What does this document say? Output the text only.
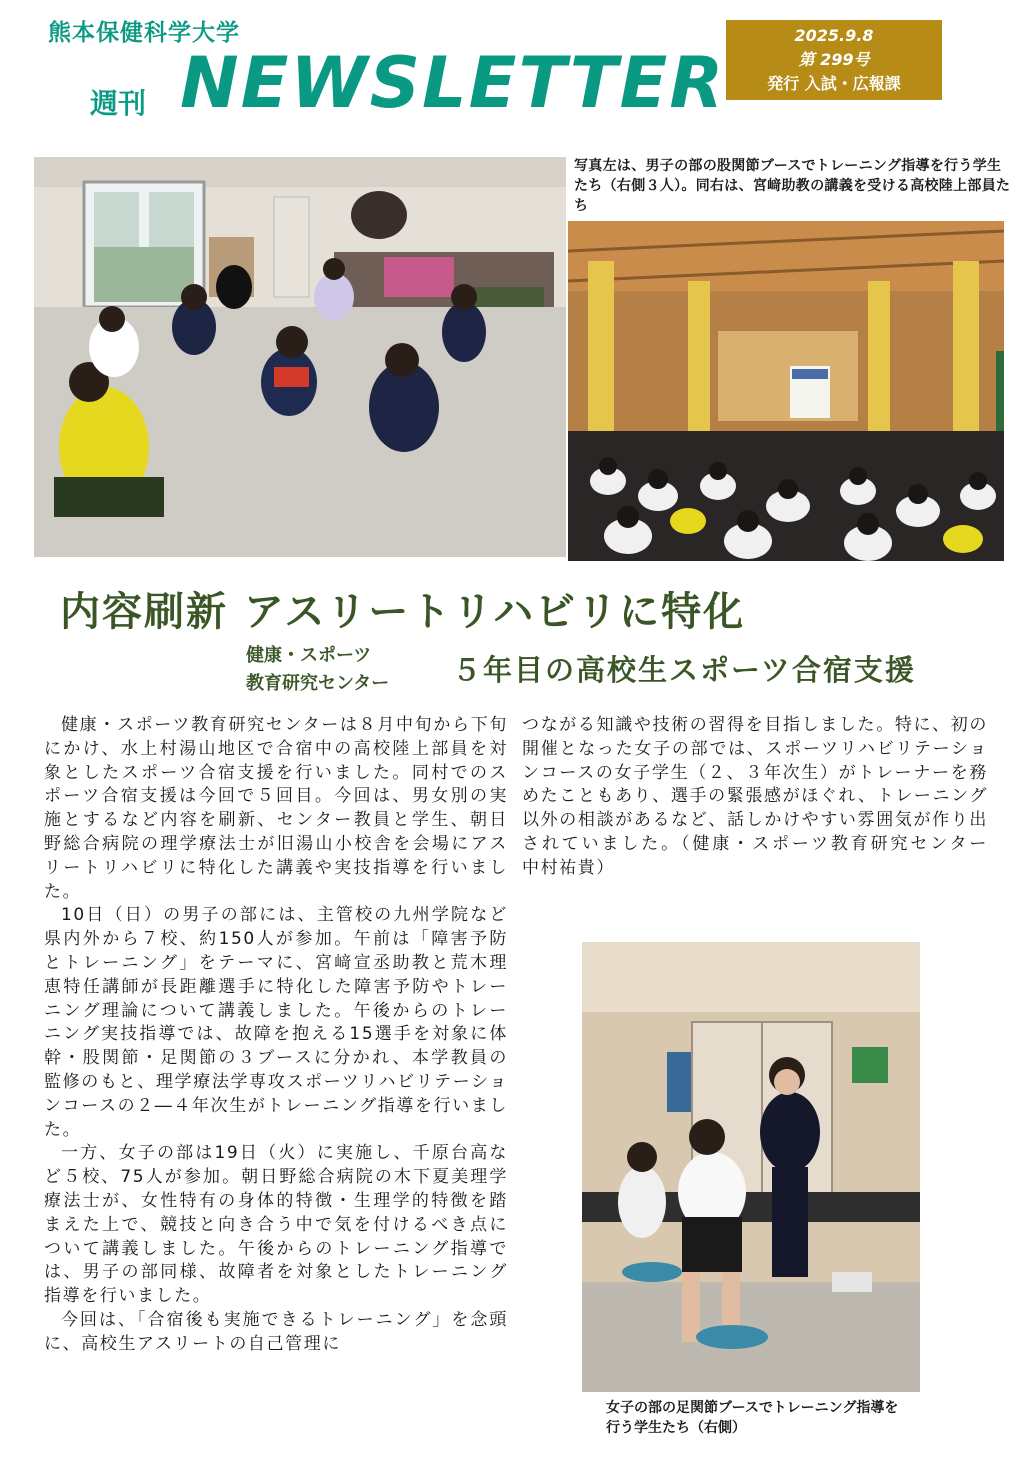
熊本保健科学大学
週刊 NEWSLETTER
2025.9.8
第 299号
発行 入試・広報課
写真左は、男子の部の股関節ブースでトレーニング指導を行う学生たち（右側３人）。同右は、宮﨑助教の講義を受ける高校陸上部員たち
内容刷新 アスリートリハビリに特化
健康・スポーツ
教育研究センター ５年目の高校生スポーツ合宿支援

健康・スポーツ教育研究センターは８月中旬から下旬にかけ、水上村湯山地区で合宿中の高校陸上部員を対象としたスポーツ合宿支援を行いました。同村でのスポーツ合宿支援は今回で５回目。今回は、男女別の実施とするなど内容を刷新、センター教員と学生、朝日野総合病院の理学療法士が旧湯山小校舎を会場にアスリートリハビリに特化した講義や実技指導を行いました。

10日（日）の男子の部には、主管校の九州学院など県内外から７校、約150人が参加。午前は「障害予防とトレーニング」をテーマに、宮﨑宣丞助教と荒木理恵特任講師が長距離選手に特化した障害予防やトレーニング理論について講義しました。午後からのトレーニング実技指導では、故障を抱える15選手を対象に体幹・股関節・足関節の３ブースに分かれ、本学教員の監修のもと、理学療法学専攻スポーツリハビリテーションコースの２―４年次生がトレーニング指導を行いました。

一方、女子の部は19日（火）に実施し、千原台高など５校、75人が参加。朝日野総合病院の木下夏美理学療法士が、女性特有の身体的特徴・生理学的特徴を踏まえた上で、競技と向き合う中で気を付けるべき点について講義しました。午後からのトレーニング指導では、男子の部同様、故障者を対象としたトレーニング指導を行いました。

今回は、「合宿後も実施できるトレーニング」を念頭に、高校生アスリートの自己管理に

つながる知識や技術の習得を目指しました。特に、初の開催となった女子の部では、スポーツリハビリテーションコースの女子学生（２、３年次生）がトレーナーを務めたこともあり、選手の緊張感がほぐれ、トレーニング以外の相談があるなど、話しかけやすい雰囲気が作り出されていました。（健康・スポーツ教育研究センター　中村祐貴）

女子の部の足関節ブースでトレーニング指導を行う学生たち（右側）
